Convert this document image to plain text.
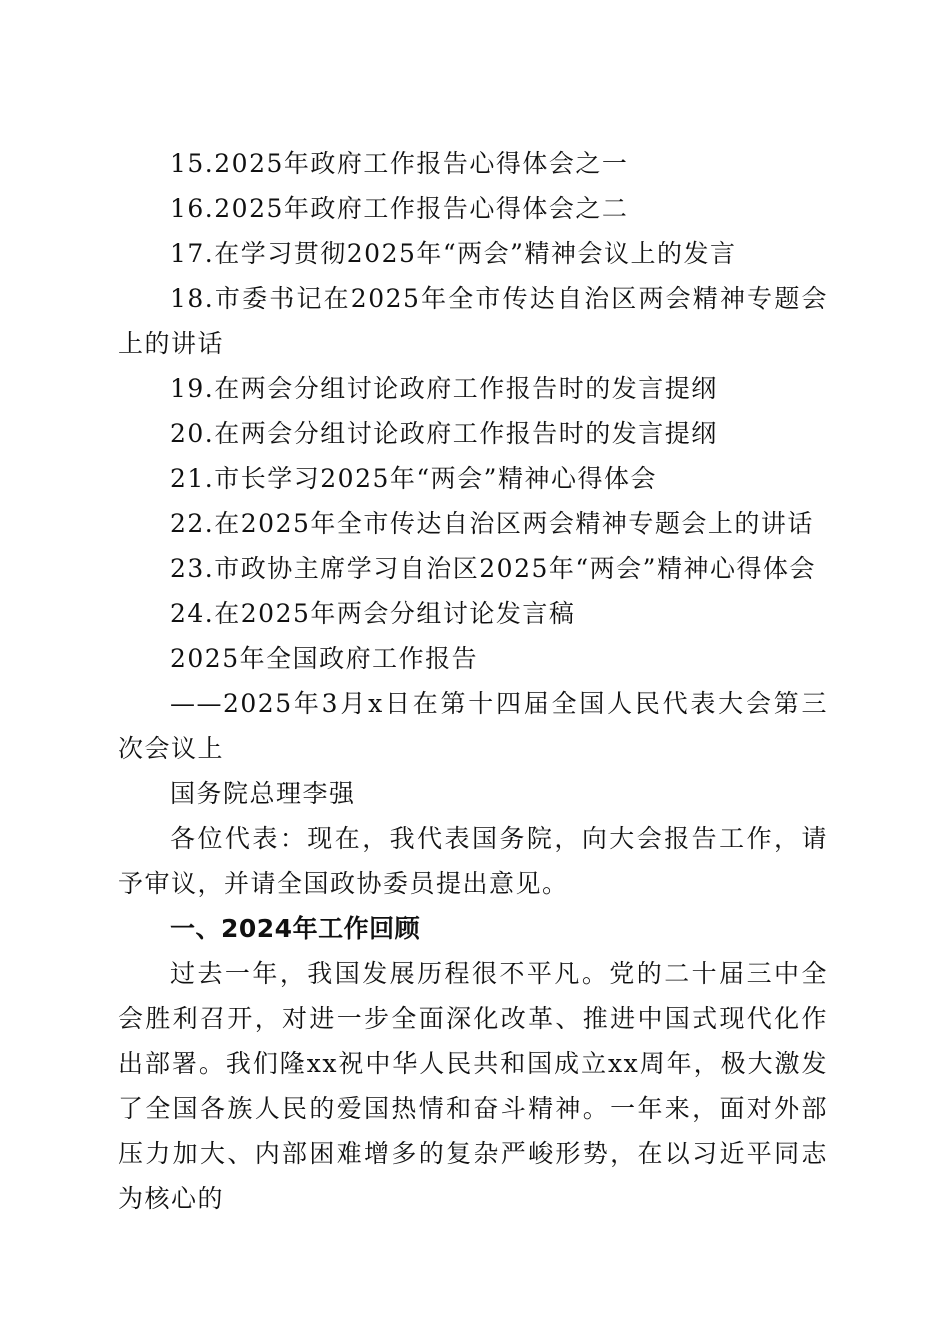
15.2025年政府工作报告心得体会之一

16.2025年政府工作报告心得体会之二

17.在学习贯彻2025年“两会”精神会议上的发言

18.市委书记在2025年全市传达自治区两会精神专题会上的讲话

19.在两会分组讨论政府工作报告时的发言提纲

20.在两会分组讨论政府工作报告时的发言提纲

21.市长学习2025年“两会”精神心得体会

22.在2025年全市传达自治区两会精神专题会上的讲话

23.市政协主席学习自治区2025年“两会”精神心得体会

24.在2025年两会分组讨论发言稿

2025年全国政府工作报告

——2025年3月x日在第十四届全国人民代表大会第三次会议上

国务院总理李强

各位代表：现在，我代表国务院，向大会报告工作，请予审议，并请全国政协委员提出意见。

一、2024年工作回顾

过去一年，我国发展历程很不平凡。党的二十届三中全会胜利召开，对进一步全面深化改革、推进中国式现代化作出部署。我们隆xx祝中华人民共和国成立xx周年，极大激发了全国各族人民的爱国热情和奋斗精神。一年来，面对外部压力加大、内部困难增多的复杂严峻形势，在以习近平同志为核心的
